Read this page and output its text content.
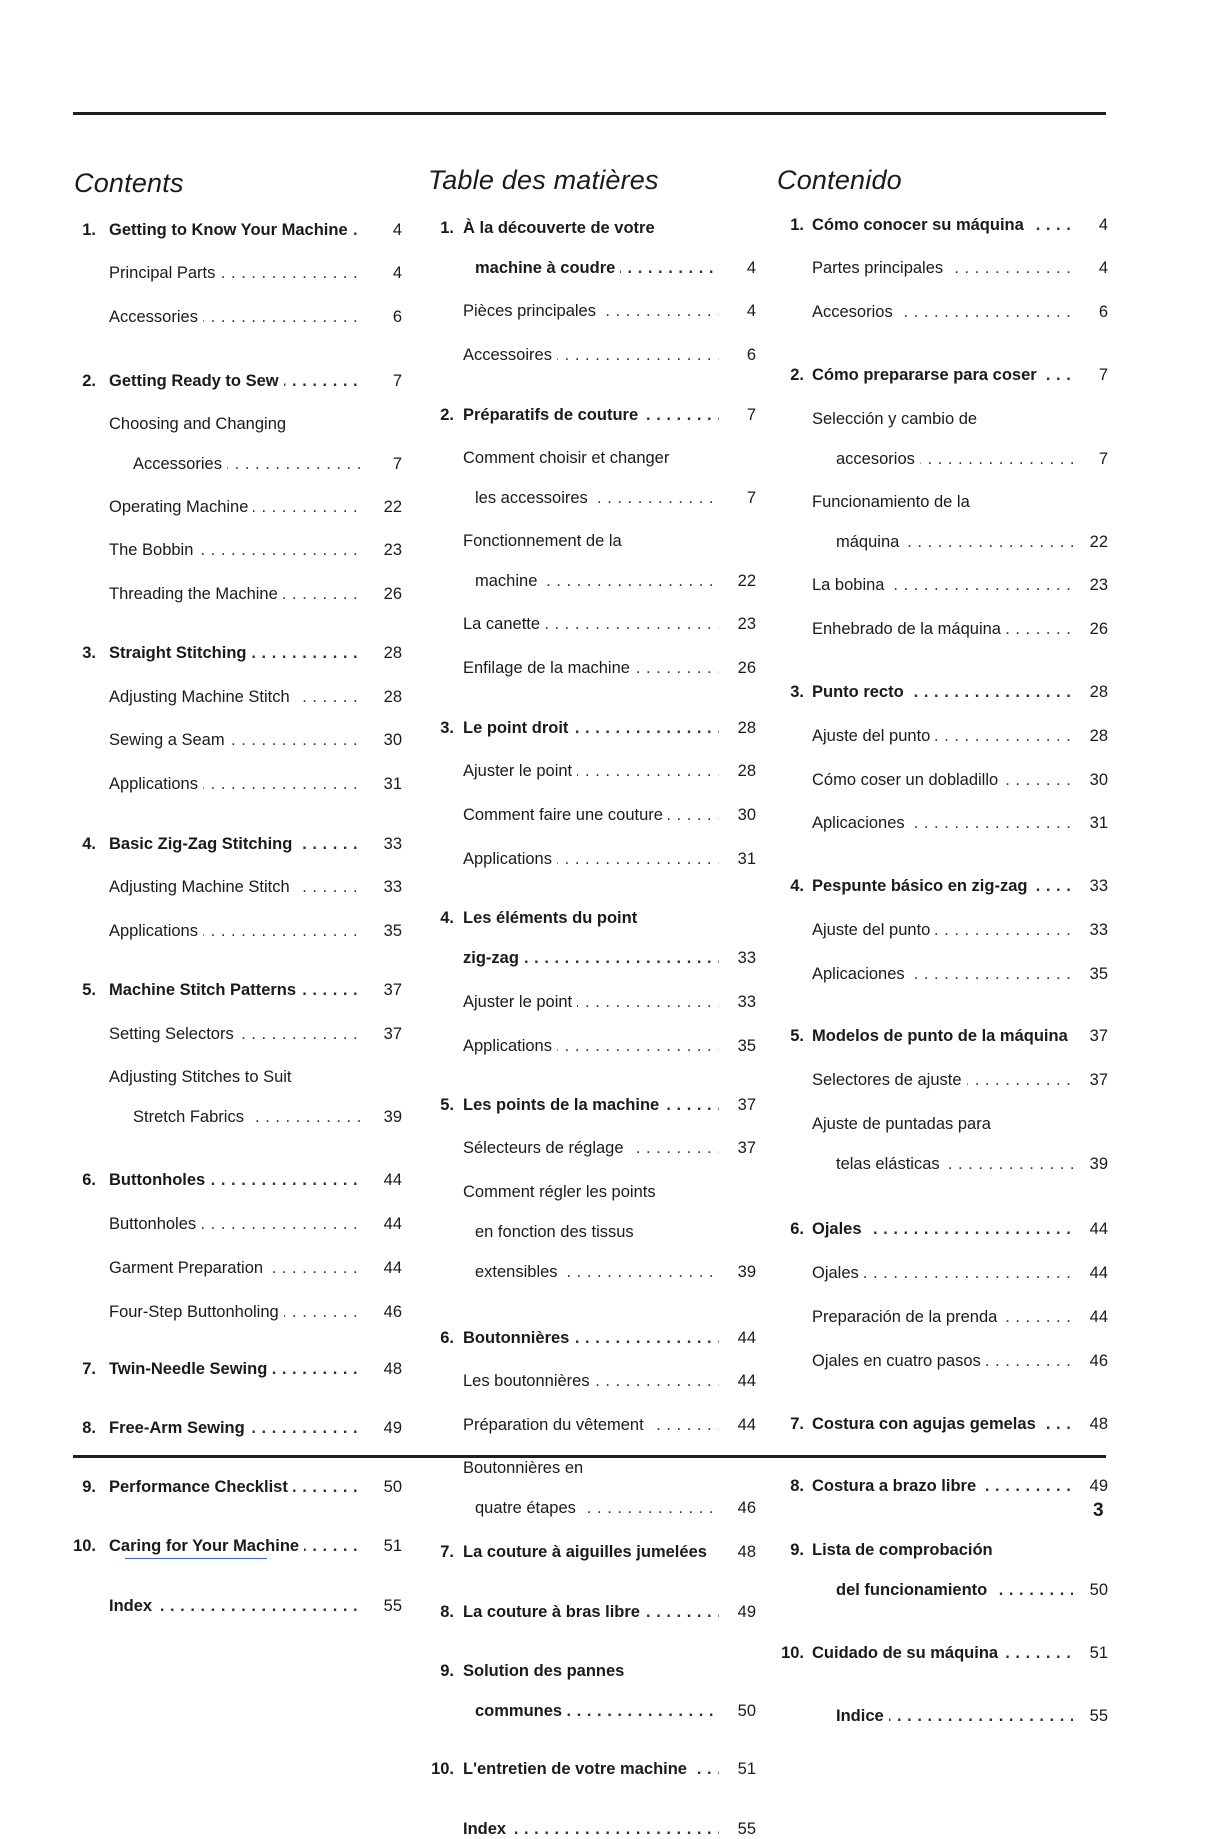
Contents
1. Getting to Know Your Machine . . .	4
Principal Parts . . .	4
Accessories . . .	6
2. Getting Ready to Sew . . .	7
Choosing and Changing
Accessories . . .	7
Operating Machine . . .	22
The Bobbin . . .	23
Threading the Machine . . .	26
3. Straight Stitching . . .	28
Adjusting Machine Stitch . . .	28
Sewing a Seam . . .	30
Applications . . .	31
4. Basic Zig-Zag Stitching . . .	33
Adjusting Machine Stitch . . .	33
Applications . . .	35
5. Machine Stitch Patterns . . .	37
Setting Selectors . . .	37
Adjusting Stitches to Suit
Stretch Fabrics . . .	39
6. Buttonholes . . .	44
Buttonholes . . .	44
Garment Preparation . . .	44
Four-Step Buttonholing . . .	46
7. Twin-Needle Sewing . . .	48
8. Free-Arm Sewing . . .	49
9. Performance Checklist . . .	50
10. Caring for Your Machine . . .	51
Index . . .	55
Table des matières
1. À la découverte de votre
machine à coudre . . .	4
Pièces principales . . .	4
Accessoires . . .	6
2. Préparatifs de couture . . .	7
Comment choisir et changer
les accessoires . . .	7
Fonctionnement de la
machine . . .	22
La canette . . .	23
Enfilage de la machine . . .	26
3. Le point droit . . .	28
Ajuster le point . . .	28
Comment faire une couture . . .	30
Applications . . .	31
4. Les éléments du point
zig-zag . . .	33
Ajuster le point . . .	33
Applications . . .	35
5. Les points de la machine . . .	37
Sélecteurs de réglage . . .	37
Comment régler les points
en fonction des tissus
extensibles . . .	39
6. Boutonnières . . .	44
Les boutonnières . . .	44
Préparation du vêtement . . .	44
Boutonnières en
quatre étapes . . .	46
7. La couture à aiguilles jumelées	48
8. La couture à bras libre . . .	49
9. Solution des pannes
communes . . .	50
10. L'entretien de votre machine . . .	51
Index . . .	55
Contenido
1. Cómo conocer su máquina . . .	4
Partes principales . . .	4
Accesorios . . .	6
2. Cómo prepararse para coser . . .	7
Selección y cambio de
accesorios . . .	7
Funcionamiento de la
máquina . . .	22
La bobina . . .	23
Enhebrado de la máquina . . .	26
3. Punto recto . . .	28
Ajuste del punto . . .	28
Cómo coser un dobladillo . . .	30
Aplicaciones . . .	31
4. Pespunte básico en zig-zag . . .	33
Ajuste del punto . . .	33
Aplicaciones . . .	35
5. Modelos de punto de la máquina	37
Selectores de ajuste . . .	37
Ajuste de puntadas para
telas elásticas . . .	39
6. Ojales . . .	44
Ojales . . .	44
Preparación de la prenda . . .	44
Ojales en cuatro pasos . . .	46
7. Costura con agujas gemelas . . .	48
8. Costura a brazo libre . . .	49
9. Lista de comprobación
del funcionamiento . . .	50
10. Cuidado de su máquina . . .	51
Indice . . .	55
3
